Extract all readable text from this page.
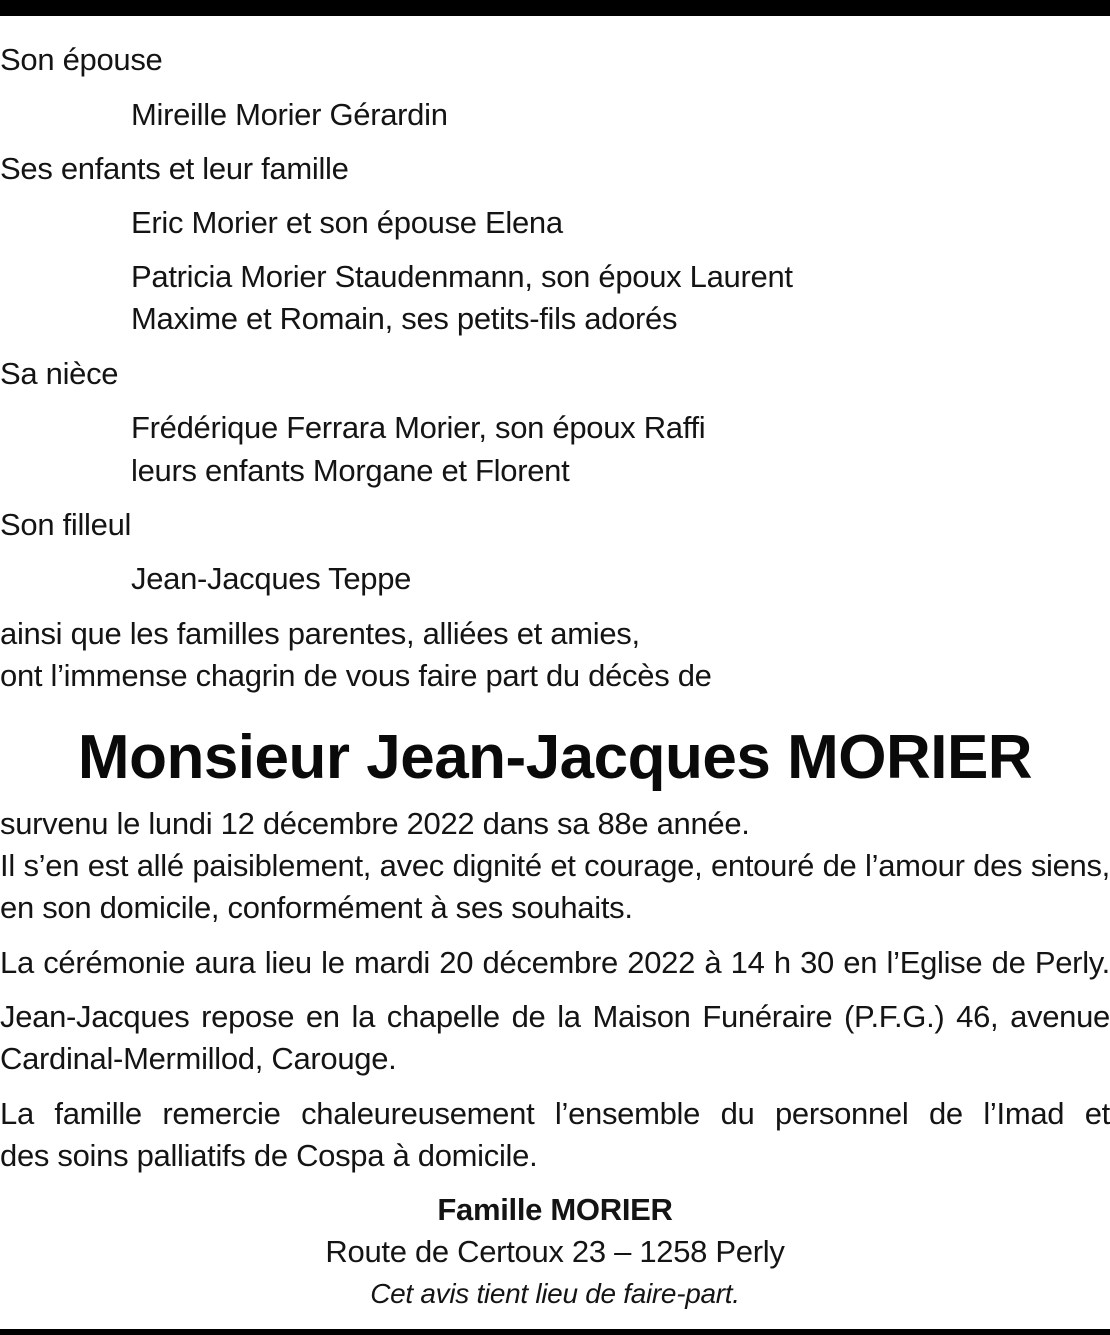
Son épouse
Mireille Morier Gérardin
Ses enfants et leur famille
Eric Morier et son épouse Elena
Patricia Morier Staudenmann, son époux Laurent
Maxime et Romain, ses petits-fils adorés
Sa nièce
Frédérique Ferrara Morier, son époux Raffi
leurs enfants Morgane et Florent
Son filleul
Jean-Jacques Teppe
ainsi que les familles parentes, alliées et amies,
ont l’immense chagrin de vous faire part du décès de
Monsieur Jean-Jacques MORIER
survenu le lundi 12 décembre 2022 dans sa 88e année.
Il s’en est allé paisiblement, avec dignité et courage, entouré de l’amour des siens,
en son domicile, conformément à ses souhaits.
La cérémonie aura lieu le mardi 20 décembre 2022 à 14 h 30 en l’Eglise de Perly.
Jean-Jacques repose en la chapelle de la Maison Funéraire (P.F.G.) 46, avenue
Cardinal-Mermillod, Carouge.
La famille remercie chaleureusement l’ensemble du personnel de l’Imad et
des soins palliatifs de Cospa à domicile.
Famille MORIER
Route de Certoux 23 – 1258 Perly
Cet avis tient lieu de faire-part.
